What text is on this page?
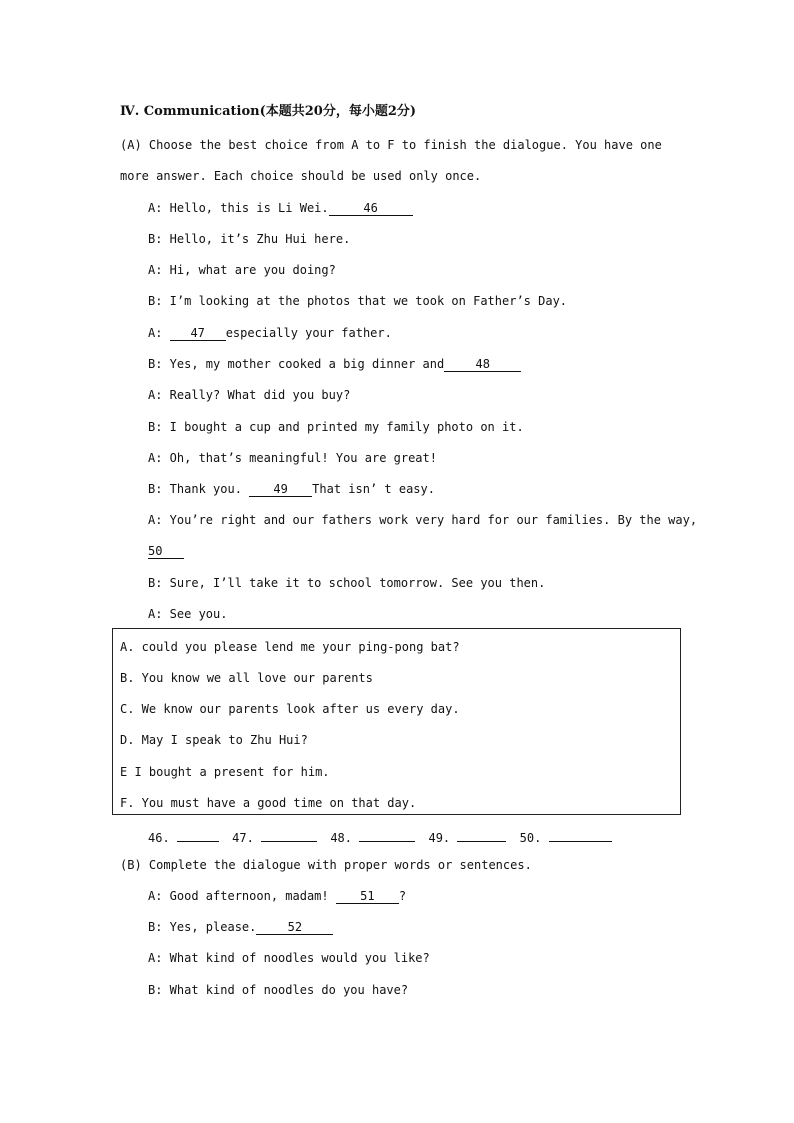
Ⅳ. Communication(本题共20分，每小题2分)
(A) Choose the best choice from A to F to finish the dialogue. You have one
more answer. Each choice should be used only once.
A: Hello, this is Li Wei.	46
B: Hello, it’s Zhu Hui here.
A: Hi, what are you doing?
B: I’m looking at the photos that we took on Father’s Day.
A: 47 especially your father.
B: Yes, my mother cooked a big dinner and	48
A: Really? What did you buy?
B: I bought a cup and printed my family photo on it.
A: Oh, that’s meaningful! You are great!
B: Thank you. 49 That isn’ t easy.
A: You’re right and our fathers work very hard for our families. By the way,
50
B: Sure, I’ll take it to school tomorrow. See you then.
A: See you.
A. could you please lend me your ping-pong bat?
B. You know we all love our parents
C. We know our parents look after us every day.
D. May I speak to Zhu Hui?
E I bought a present for him.
F. You must have a good time on that day.
46.	47.	48.	49.	50.
(B) Complete the dialogue with proper words or sentences.
A: Good afternoon, madam! 51 ?
B: Yes, please.	52
A: What kind of noodles would you like?
B: What kind of noodles do you have?
